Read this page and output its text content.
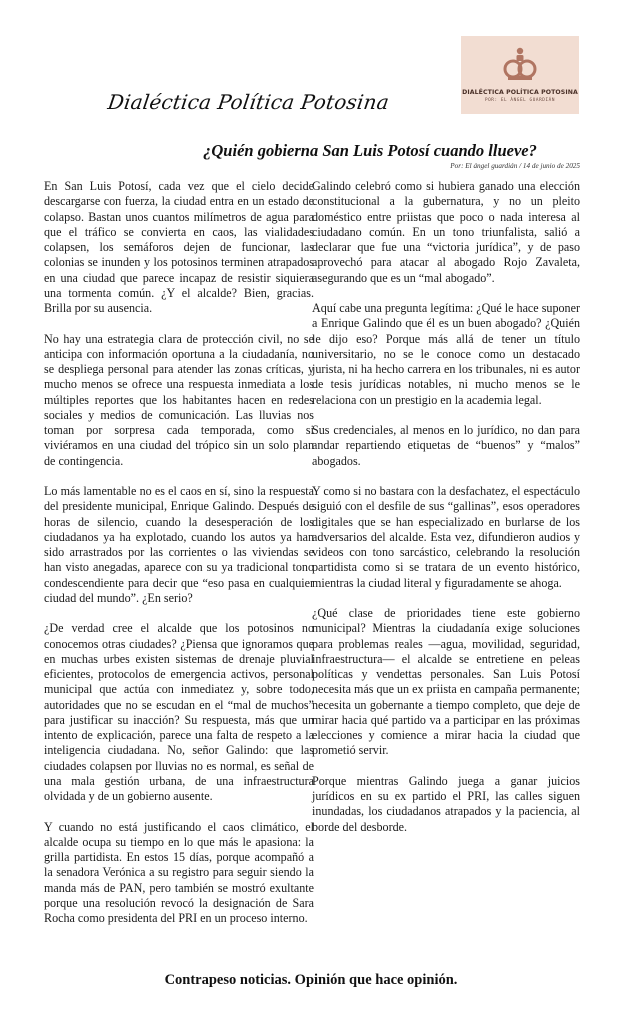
Dialéctica Política Potosina	DIALÉCTICA POLÍTICA POTOSINA
POR: EL ÁNGEL GUARDIÁN
¿Quién gobierna San Luis Potosí cuando llueve?
Por: El ángel guardián / 14 de junio de 2025

En San Luis Potosí, cada vez que el cielo decide descargarse con fuerza, la ciudad entra en un estado de colapso. Bastan unos cuantos milímetros de agua para que el tráfico se convierta en caos, las vialidades colapsen, los semáforos dejen de funcionar, las colonias se inunden y los potosinos terminen atrapados en una ciudad que parece incapaz de resistir siquiera una tormenta común. ¿Y el alcalde? Bien, gracias. Brilla por su ausencia.

No hay una estrategia clara de protección civil, no se anticipa con información oportuna a la ciudadanía, no se despliega personal para atender las zonas críticas, y mucho menos se ofrece una respuesta inmediata a los múltiples reportes que los habitantes hacen en redes sociales y medios de comunicación. Las lluvias nos toman por sorpresa cada temporada, como si viviéramos en una ciudad del trópico sin un solo plan de contingencia.

Lo más lamentable no es el caos en sí, sino la respuesta del presidente municipal, Enrique Galindo. Después de horas de silencio, cuando la desesperación de los ciudadanos ya ha explotado, cuando los autos ya han sido arrastrados por las corrientes o las viviendas se han visto anegadas, aparece con su ya tradicional tono condescendiente para decir que “eso pasa en cualquier ciudad del mundo”. ¿En serio?

¿De verdad cree el alcalde que los potosinos no conocemos otras ciudades? ¿Piensa que ignoramos que en muchas urbes existen sistemas de drenaje pluvial eficientes, protocolos de emergencia activos, personal municipal que actúa con inmediatez y, sobre todo, autoridades que no se escudan en el “mal de muchos” para justificar su inacción? Su respuesta, más que un intento de explicación, parece una falta de respeto a la inteligencia ciudadana. No, señor Galindo: que las ciudades colapsen por lluvias no es normal, es señal de una mala gestión urbana, de una infraestructura olvidada y de un gobierno ausente.

Y cuando no está justificando el caos climático, el alcalde ocupa su tiempo en lo que más le apasiona: la grilla partidista. En estos 15 días, porque acompañó a la senadora Verónica a su registro para seguir siendo la manda más de PAN, pero también se mostró exultante porque una resolución revocó la designación de Sara Rocha como presidenta del PRI en un proceso interno.

Galindo celebró como si hubiera ganado una elección constitucional a la gubernatura, y no un pleito doméstico entre priistas que poco o nada interesa al ciudadano común. En un tono triunfalista, salió a declarar que fue una “victoria jurídica”, y de paso aprovechó para atacar al abogado Rojo Zavaleta, asegurando que es un “mal abogado”.

Aquí cabe una pregunta legítima: ¿Qué le hace suponer a Enrique Galindo que él es un buen abogado? ¿Quién le dijo eso? Porque más allá de tener un título universitario, no se le conoce como un destacado jurista, ni ha hecho carrera en los tribunales, ni es autor de tesis jurídicas notables, ni mucho menos se le relaciona con un prestigio en la academia legal.

Sus credenciales, al menos en lo jurídico, no dan para andar repartiendo etiquetas de “buenos” y “malos” abogados.

Y como si no bastara con la desfachatez, el espectáculo siguió con el desfile de sus “gallinas”, esos operadores digitales que se han especializado en burlarse de los adversarios del alcalde. Esta vez, difundieron audios y videos con tono sarcástico, celebrando la resolución partidista como si se tratara de un evento histórico, mientras la ciudad literal y figuradamente se ahoga.

¿Qué clase de prioridades tiene este gobierno municipal? Mientras la ciudadanía exige soluciones para problemas reales —agua, movilidad, seguridad, infraestructura— el alcalde se entretiene en peleas políticas y vendettas personales. San Luis Potosí necesita más que un ex priista en campaña permanente; necesita un gobernante a tiempo completo, que deje de mirar hacia qué partido va a participar en las próximas elecciones y comience a mirar hacia la ciudad que prometió servir.

Porque mientras Galindo juega a ganar juicios jurídicos en su ex partido el PRI, las calles siguen inundadas, los ciudadanos atrapados y la paciencia, al borde del desborde.

Contrapeso noticias. Opinión que hace opinión.
